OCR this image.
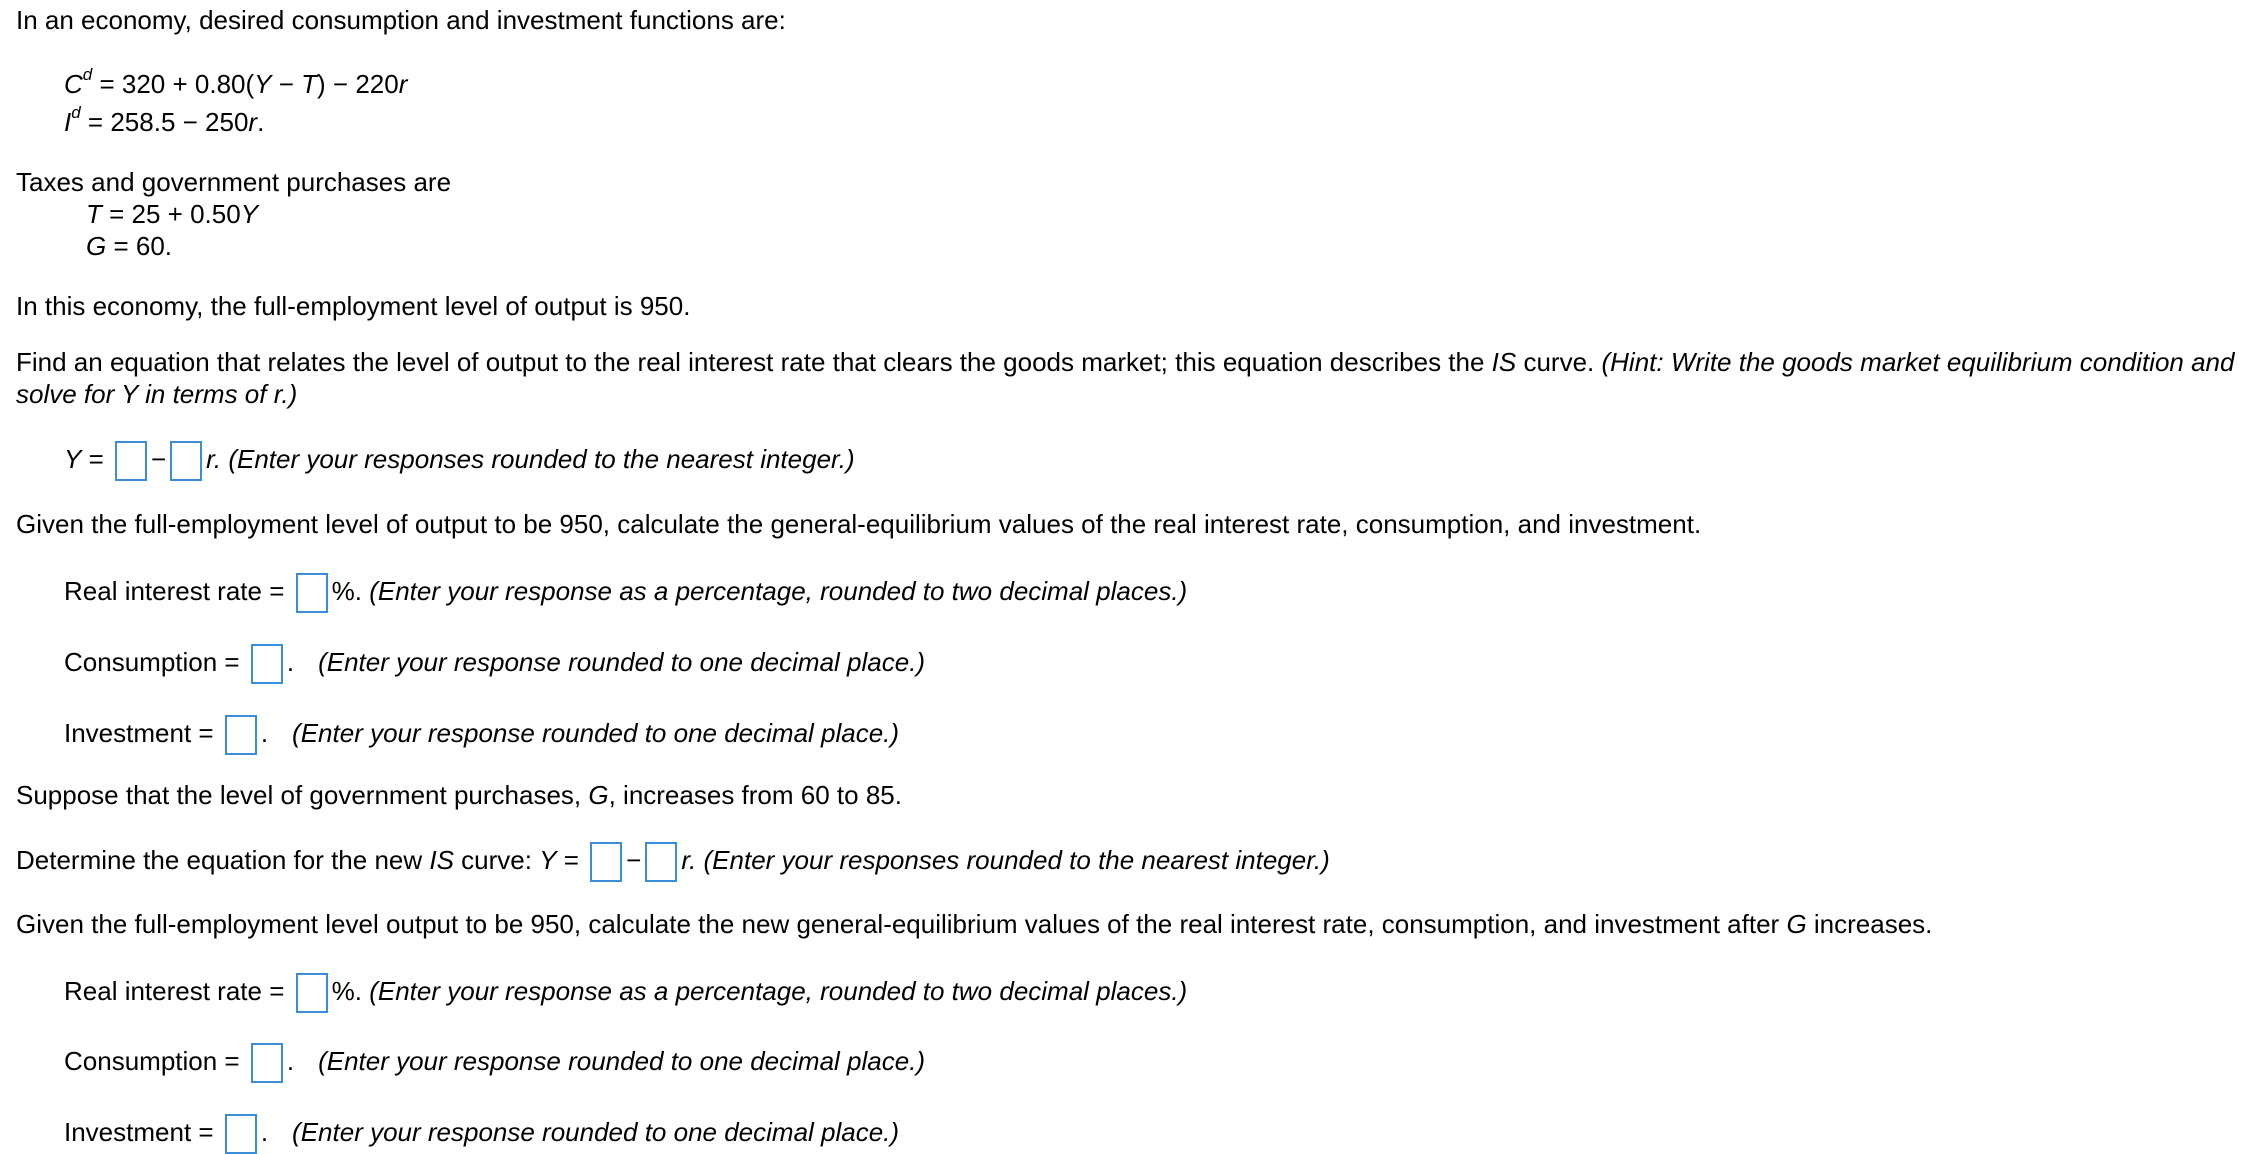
In an economy, desired consumption and investment functions are:
$C^d = 320 + 0.80(Y - T) - 220r$
$I^d = 258.5 - 250r$.
Taxes and government purchases are
T = 25 + 0.50Y
G = 60.
In this economy, the full-employment level of output is 950.
Find an equation that relates the level of output to the real interest rate that clears the goods market; this equation describes the IS curve. (Hint: Write the goods market equilibrium condition and
solve for Y in terms of r.)
Y = − r. (Enter your responses rounded to the nearest integer.)
Given the full-employment level of output to be 950, calculate the general-equilibrium values of the real interest rate, consumption, and investment.
Real interest rate = %. (Enter your response as a percentage, rounded to two decimal places.)
Consumption = . (Enter your response rounded to one decimal place.)
Investment = . (Enter your response rounded to one decimal place.)
Suppose that the level of government purchases, G, increases from 60 to 85.
Determine the equation for the new IS curve: Y = − r. (Enter your responses rounded to the nearest integer.)
Given the full-employment level output to be 950, calculate the new general-equilibrium values of the real interest rate, consumption, and investment after G increases.
Real interest rate = %. (Enter your response as a percentage, rounded to two decimal places.)
Consumption = . (Enter your response rounded to one decimal place.)
Investment = . (Enter your response rounded to one decimal place.)
